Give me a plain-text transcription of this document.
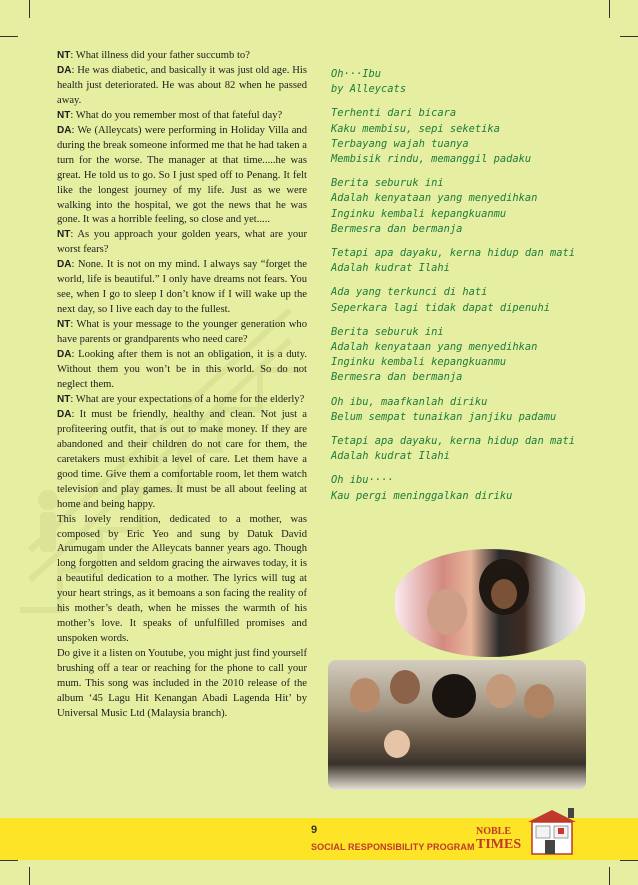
NT: What illness did your father succumb to?

DA: He was diabetic, and basically it was just old age. His health just deteriorated. He was about 82 when he passed away.

NT: What do you remember most of that fateful day?

DA: We (Alleycats) were performing in Holiday Villa and during the break someone informed me that he had taken a turn for the worse. The manager at that time.....he was great. He told us to go. So I just sped off to Penang. It felt like the longest journey of my life. Just as we were walking into the hospital, we got the news that he was gone. It was a horrible feeling, so close and yet.....

NT: As you approach your golden years, what are your worst fears?

DA: None. It is not on my mind. I always say “forget the world, life is beautiful.” I only have dreams not fears. You see, when I go to sleep I don’t know if I will wake up the next day, so I live each day to the fullest.

NT: What is your message to the younger generation who have parents or grandparents who need care?

DA: Looking after them is not an obligation, it is a duty. Without them you won’t be in this world. So do not neglect them.

NT: What are your expectations of a home for the elderly?

DA: It must be friendly, healthy and clean. Not just a profiteering outfit, that is out to make money. If they are abandoned and their children do not care for them, the caretakers must exhibit a level of care. Let them have a good time. Give them a comfortable room, let them watch television and play games. It must be all about feeling at home and being happy.

This lovely rendition, dedicated to a mother, was composed by Eric Yeo and sung by Datuk David Arumugam under the Alleycats banner years ago. Though long forgotten and seldom gracing the airwaves today, it is a beautiful dedication to a mother. The lyrics will tug at your heart strings, as it bemoans a son facing the reality of his mother’s death, when he misses the warmth of his mother’s love. It speaks of unfulfilled promises and unspoken words.

Do give it a listen on Youtube, you might just find yourself brushing off a tear or reaching for the phone to call your mum. This song was included in the 2010 release of the album ‘45 Lagu Hit Kenangan Abadi Lagenda Hit’ by Universal Music Ltd (Malaysia branch).

Oh···Ibu
by Alleycats
Terhenti dari bicara
Kaku membisu, sepi seketika
Terbayang wajah tuanya
Membisik rindu, memanggil padaku
Berita seburuk ini
Adalah kenyataan yang menyedihkan
Inginku kembali kepangkuanmu
Bermesra dan bermanja
Tetapi apa dayaku, kerna hidup dan mati
Adalah kudrat Ilahi
Ada yang terkunci di hati
Seperkara lagi tidak dapat dipenuhi
Berita seburuk ini
Adalah kenyataan yang menyedihkan
Inginku kembali kepangkuanmu
Bermesra dan bermanja
Oh ibu, maafkanlah diriku
Belum sempat tunaikan janjiku padamu
Tetapi apa dayaku, kerna hidup dan mati
Adalah kudrat Ilahi
Oh ibu····
Kau pergi meninggalkan diriku
9
SOCIAL RESPONSIBILITY PROGRAM
NOBLE
TIMES
